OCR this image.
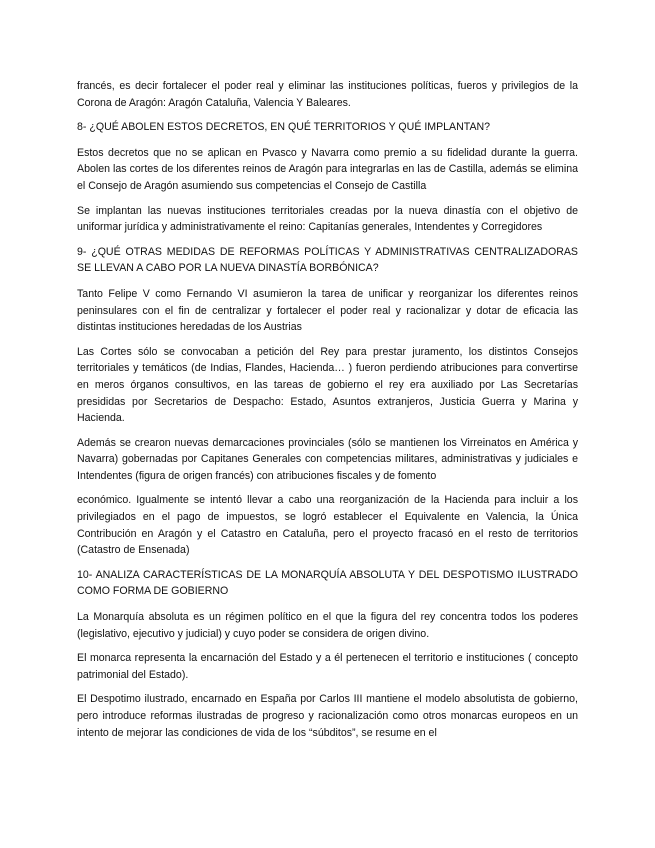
francés, es decir fortalecer el poder real y eliminar las instituciones políticas, fueros y privilegios de la Corona de Aragón: Aragón Cataluña, Valencia Y Baleares.

8- ¿QUÉ ABOLEN ESTOS DECRETOS, EN QUÉ TERRITORIOS Y QUÉ IMPLANTAN?

Estos decretos que no se aplican en Pvasco y Navarra como premio a su fidelidad durante la guerra. Abolen las cortes de los diferentes reinos de Aragón para integrarlas en las de Castilla, además se elimina el Consejo de Aragón asumiendo sus competencias el Consejo de Castilla

Se implantan las nuevas instituciones territoriales creadas por la nueva dinastía con el objetivo de uniformar jurídica y administrativamente el reino: Capitanías generales, Intendentes y Corregidores

9- ¿QUÉ OTRAS MEDIDAS DE REFORMAS POLÍTICAS Y ADMINISTRATIVAS CENTRALIZADORAS SE LLEVAN A CABO POR LA NUEVA DINASTÍA BORBÓNICA?

Tanto Felipe V como Fernando VI asumieron la tarea de unificar y reorganizar los diferentes reinos peninsulares con el fin de centralizar y fortalecer el poder real y racionalizar y dotar de eficacia las distintas instituciones heredadas de los Austrias

Las Cortes sólo se convocaban a petición del Rey para prestar juramento, los distintos Consejos territoriales y temáticos (de Indias, Flandes, Hacienda… ) fueron perdiendo atribuciones para convertirse en meros órganos consultivos, en las tareas de gobierno el rey era auxiliado por Las Secretarías presididas por Secretarios de Despacho: Estado, Asuntos extranjeros, Justicia Guerra y Marina y Hacienda.

Además se crearon nuevas demarcaciones provinciales (sólo se mantienen los Virreinatos en América y Navarra) gobernadas por Capitanes Generales con competencias militares, administrativas y judiciales e Intendentes (figura de origen francés) con atribuciones fiscales y de fomento

económico. Igualmente se intentó llevar a cabo una reorganización de la Hacienda para incluir a los privilegiados en el pago de impuestos, se logró establecer el Equivalente en Valencia, la Única Contribución en Aragón y el Catastro en Cataluña, pero el proyecto fracasó en el resto de territorios (Catastro de Ensenada)

10- ANALIZA CARACTERÍSTICAS DE LA MONARQUÍA ABSOLUTA Y DEL DESPOTISMO ILUSTRADO COMO FORMA DE GOBIERNO

La Monarquía absoluta es un régimen político en el que la figura del rey concentra todos los poderes (legislativo, ejecutivo y judicial) y cuyo poder se considera de origen divino.

El monarca representa la encarnación del Estado y a él pertenecen el territorio e instituciones ( concepto patrimonial del Estado).

El Despotimo ilustrado, encarnado en España por Carlos III mantiene el modelo absolutista de gobierno, pero introduce reformas ilustradas de progreso y racionalización como otros monarcas europeos en un intento de mejorar las condiciones de vida de los “súbditos”, se resume en el
